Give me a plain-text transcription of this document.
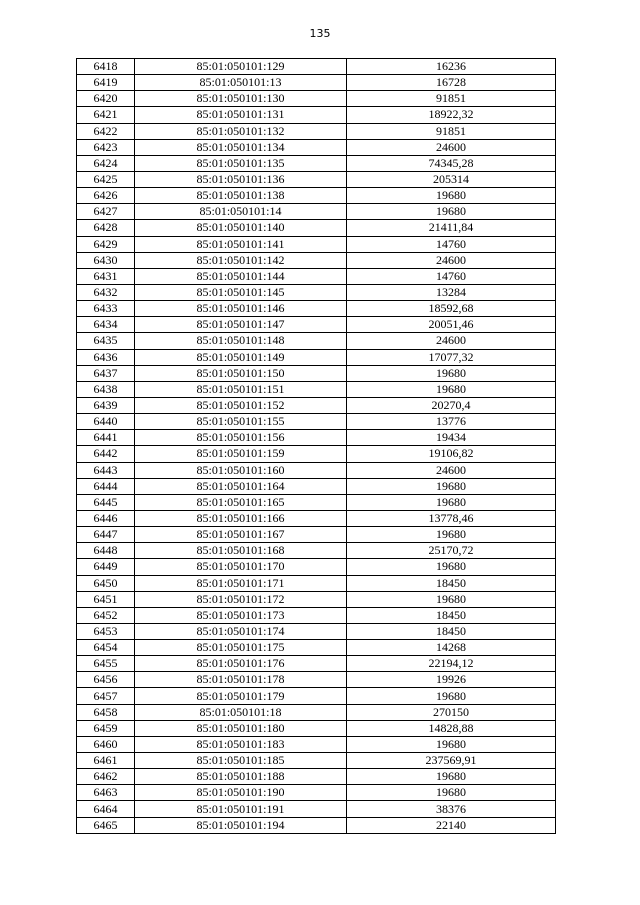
135
6418	85:01:050101:129	16236
6419	85:01:050101:13	16728
6420	85:01:050101:130	91851
6421	85:01:050101:131	18922,32
6422	85:01:050101:132	91851
6423	85:01:050101:134	24600
6424	85:01:050101:135	74345,28
6425	85:01:050101:136	205314
6426	85:01:050101:138	19680
6427	85:01:050101:14	19680
6428	85:01:050101:140	21411,84
6429	85:01:050101:141	14760
6430	85:01:050101:142	24600
6431	85:01:050101:144	14760
6432	85:01:050101:145	13284
6433	85:01:050101:146	18592,68
6434	85:01:050101:147	20051,46
6435	85:01:050101:148	24600
6436	85:01:050101:149	17077,32
6437	85:01:050101:150	19680
6438	85:01:050101:151	19680
6439	85:01:050101:152	20270,4
6440	85:01:050101:155	13776
6441	85:01:050101:156	19434
6442	85:01:050101:159	19106,82
6443	85:01:050101:160	24600
6444	85:01:050101:164	19680
6445	85:01:050101:165	19680
6446	85:01:050101:166	13778,46
6447	85:01:050101:167	19680
6448	85:01:050101:168	25170,72
6449	85:01:050101:170	19680
6450	85:01:050101:171	18450
6451	85:01:050101:172	19680
6452	85:01:050101:173	18450
6453	85:01:050101:174	18450
6454	85:01:050101:175	14268
6455	85:01:050101:176	22194,12
6456	85:01:050101:178	19926
6457	85:01:050101:179	19680
6458	85:01:050101:18	270150
6459	85:01:050101:180	14828,88
6460	85:01:050101:183	19680
6461	85:01:050101:185	237569,91
6462	85:01:050101:188	19680
6463	85:01:050101:190	19680
6464	85:01:050101:191	38376
6465	85:01:050101:194	22140
